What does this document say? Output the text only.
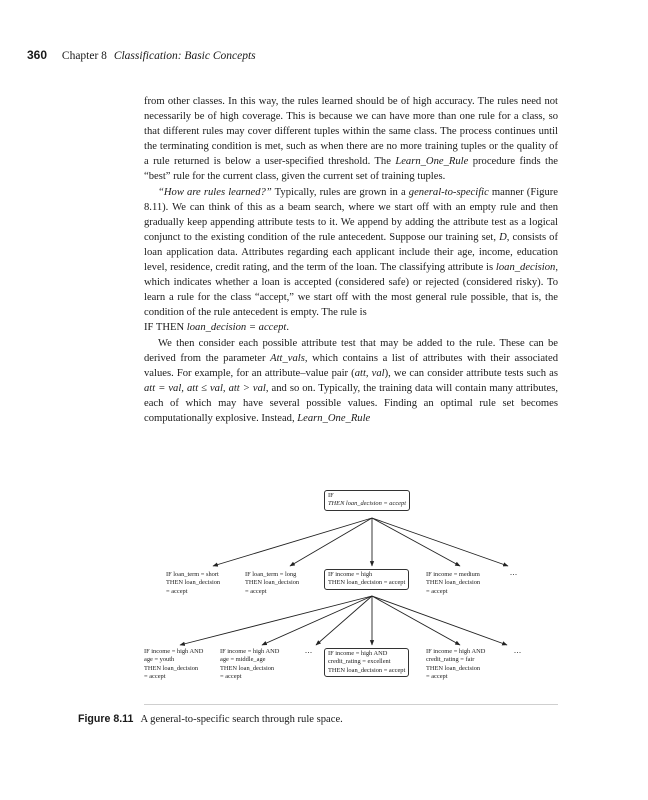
360 Chapter 8 Classification: Basic Concepts

from other classes. In this way, the rules learned should be of high accuracy. The rules need not necessarily be of high coverage. This is because we can have more than one rule for a class, so that different rules may cover different tuples within the same class. The process continues until the terminating condition is met, such as when there are no more training tuples or the quality of a rule returned is below a user-specified threshold. The Learn_One_Rule procedure finds the “best” rule for the current class, given the current set of training tuples.

“How are rules learned?” Typically, rules are grown in a general-to-specific manner (Figure 8.11). We can think of this as a beam search, where we start off with an empty rule and then gradually keep appending attribute tests to it. We append by adding the attribute test as a logical conjunct to the existing condition of the rule antecedent. Suppose our training set, D, consists of loan application data. Attributes regarding each applicant include their age, income, education level, residence, credit rating, and the term of the loan. The classifying attribute is loan_decision, which indicates whether a loan is accepted (considered safe) or rejected (considered risky). To learn a rule for the class “accept,” we start off with the most general rule possible, that is, the condition of the rule antecedent is empty. The rule is

IF THEN loan_decision = accept.

We then consider each possible attribute test that may be added to the rule. These can be derived from the parameter Att_vals, which contains a list of attributes with their associated values. For example, for an attribute–value pair (att, val), we can consider attribute tests such as att = val, att ≤ val, att > val, and so on. Typically, the training data will contain many attributes, each of which may have several possible values. Finding an optimal rule set becomes computationally explosive. Instead, Learn_One_Rule

IF
THEN loan_decision = accept
IF loan_term = short
THEN loan_decision
= accept
IF loan_term = long
THEN loan_decision
= accept
IF income = high
THEN loan_decision = accept
IF income = medium
THEN loan_decision
= accept
...
IF income = high AND
age = youth
THEN loan_decision
= accept
IF income = high AND
age = middle_age
THEN loan_decision
= accept
... IF income = high AND
credit_rating = excellent
THEN loan_decision = accept
IF income = high AND
credit_rating = fair
THEN loan_decision
= accept
...
Figure 8.11 A general-to-specific search through rule space.
